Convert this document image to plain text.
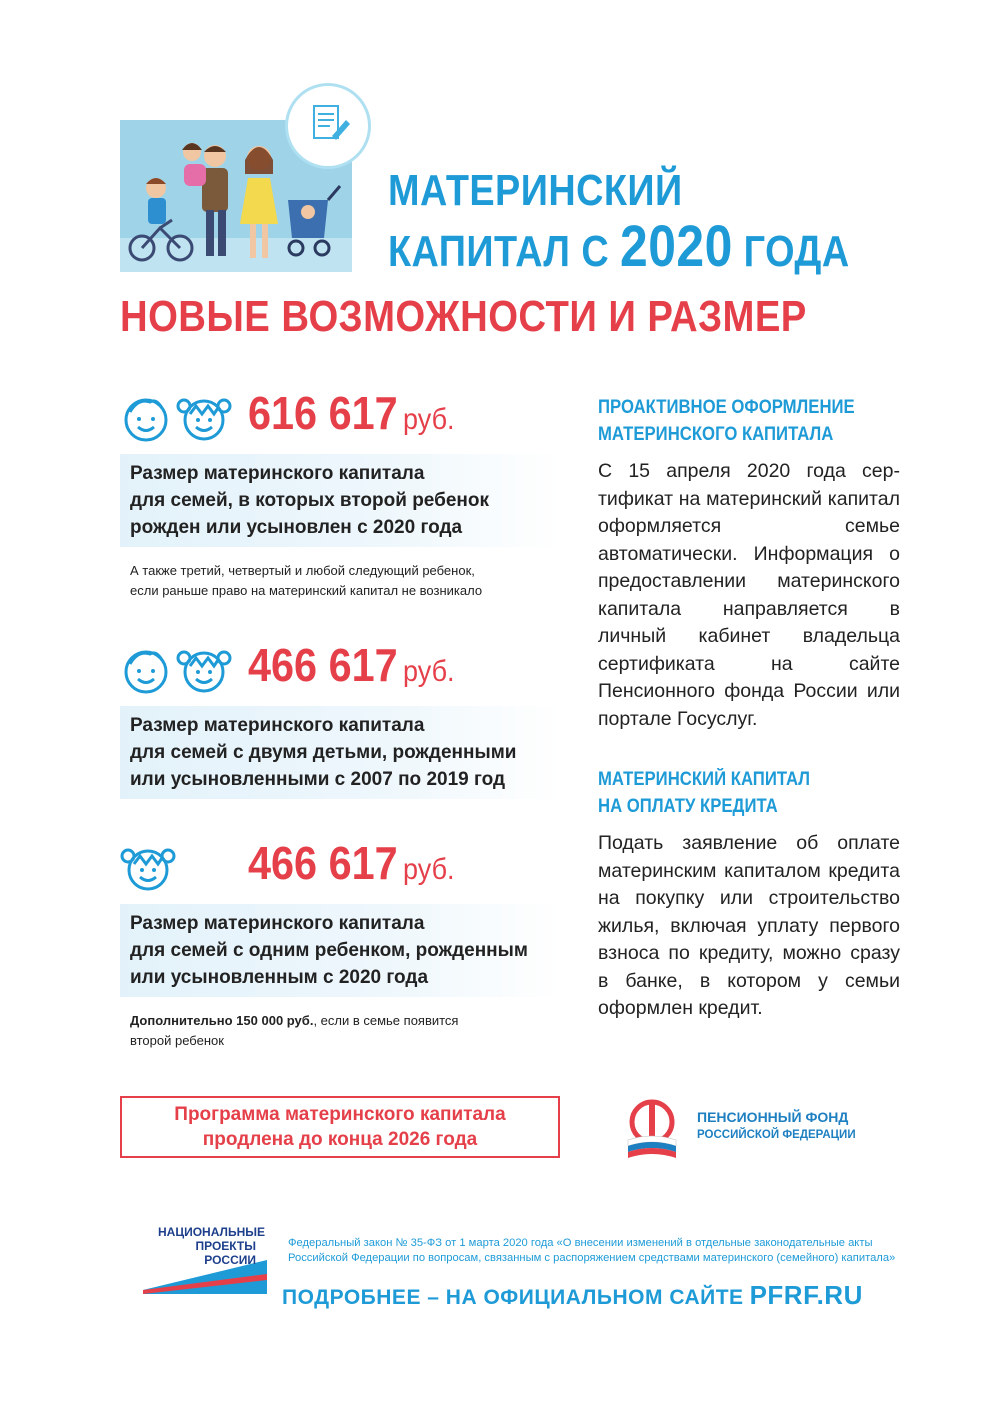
МАТЕРИНСКИЙ
КАПИТАЛ С 2020 ГОДА
НОВЫЕ ВОЗМОЖНОСТИ И РАЗМЕР
616 617 руб.
Размер материнского капитала
для семей, в которых второй ребенок
рожден или усыновлен с 2020 года
А также третий, четвертый и любой следующий ребенок,
если раньше право на материнский капитал не возникало
466 617 руб.
Размер материнского капитала
для семей с двумя детьми, рожденными
или усыновленными с 2007 по 2019 год
466 617 руб.
Размер материнского капитала
для семей с одним ребенком, рожденным
или усыновленным с 2020 года
Дополнительно 150 000 руб., если в семье появится
второй ребенок
ПРОАКТИВНОЕ ОФОРМЛЕНИЕ
МАТЕРИНСКОГО КАПИТАЛА
С 15 апреля 2020 года сертификат на материнский капитал оформляется семье автоматически. Информация о предоставлении материнского капитала направляется в личный кабинет владельца сертификата на сайте Пенсионного фонда России или портале Госуслуг.
МАТЕРИНСКИЙ КАПИТАЛ
НА ОПЛАТУ КРЕДИТА
Подать заявление об оплате материнским капиталом кредита на покупку или строительство жилья, включая уплату первого взноса по кредиту, можно сразу в банке, в котором у семьи оформлен кредит.
Программа материнского капитала
продлена до конца 2026 года
ПЕНСИОННЫЙ ФОНД
РОССИЙСКОЙ ФЕДЕРАЦИИ
НАЦИОНАЛЬНЫЕ
ПРОЕКТЫ
РОССИИ
Федеральный закон № 35-ФЗ от 1 марта 2020 года «О внесении изменений в отдельные законодательные акты Российской Федерации по вопросам, связанным с распоряжением средствами материнского (семейного) капитала»
ПОДРОБНЕЕ – НА ОФИЦИАЛЬНОМ САЙТЕ PFRF.RU
